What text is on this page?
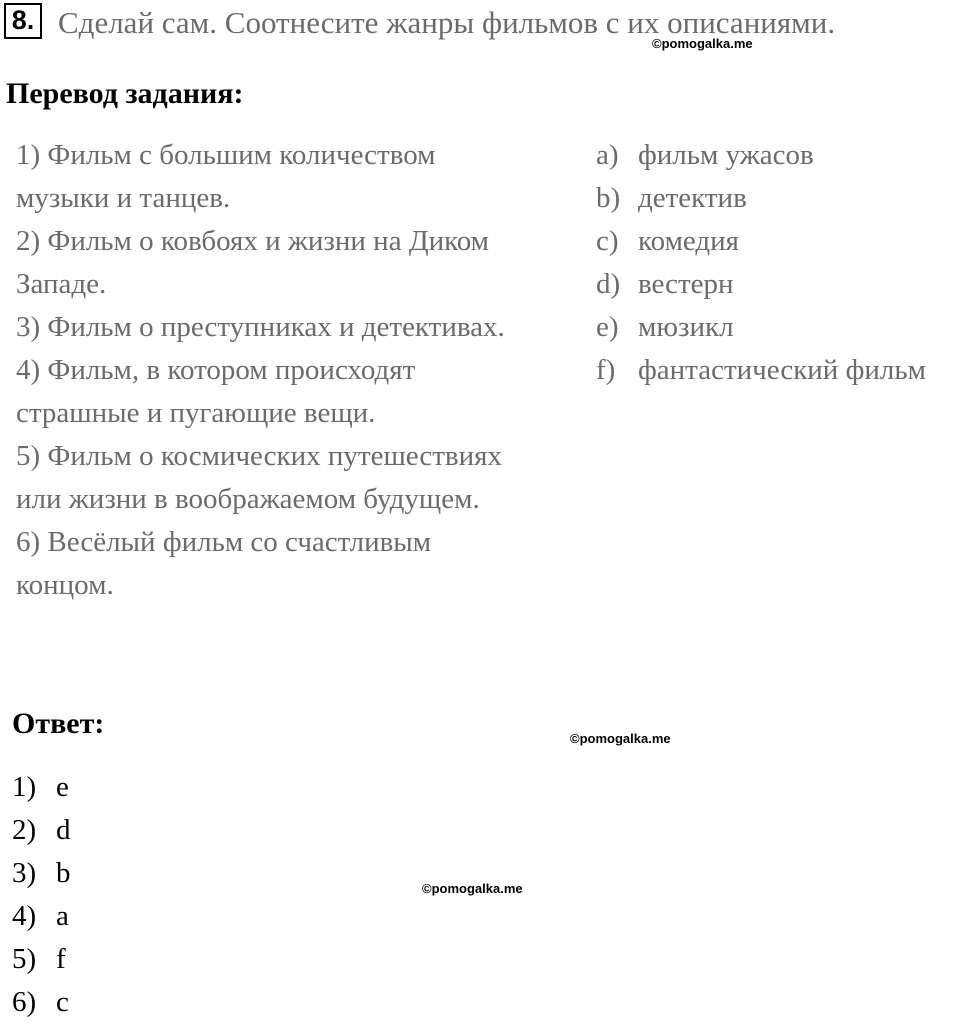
8. Сделай сам. Соотнесите жанры фильмов с их описаниями.
©pomogalka.me
Перевод задания:

1) Фильм с большим количеством музыки и танцев.

2) Фильм о ковбоях и жизни на Диком Западе.

3) Фильм о преступниках и детективах.

4) Фильм, в котором происходят страшные и пугающие вещи.

5) Фильм о космических путешествиях или жизни в воображаемом будущем.

6) Весёлый фильм со счастливым концом.

a) фильм ужасов
b) детектив
c) комедия
d) вестерн
e) мюзикл
f) фантастический фильм
Ответ:	©pomogalka.me
1) e
2) d
3) b
4) a
5) f
6) c
©pomogalka.me
